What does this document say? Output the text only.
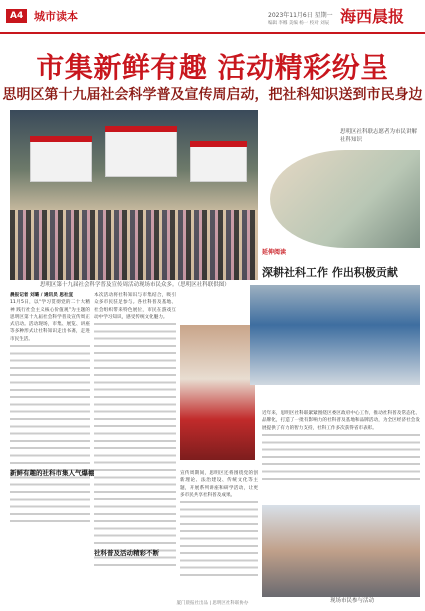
A4 城市读本	2023年11月6日 星期一
编辑 李娜 美编 杨一 校对 刘辰 海西晨报
市集新鲜有趣 活动精彩纷呈
思明区第十九届社会科学普及宣传周启动，把社科知识送到市民身边
思明区第十九届社会科学普及宣传周活动现场市民众多。（思明区社科联供图）
思明区社科联志愿者为市民讲解社科知识
延伸阅读
深耕社科工作 作出积极贡献
晨报记者 刘璐 / 通讯员 思社宣
11月5日，以“学习贯彻党的二十大精神 践行社会主义核心价值观”为主题的思明区第十九届社会科学普及宣传周正式启动。活动现场，市集、展览、讲座等多种形式让社科知识走出书斋，走进市民生活。
新鲜有趣的社科市集人气爆棚
本次活动将社科知识与市集结合，吸引众多市民驻足参与。各社科普及基地、社会组织带来特色展位，市民在游戏互动中学习知识，感受传统文化魅力。
社科普及活动精彩不断
宣传周期间，思明区还将围绕党的创新理论、法治建设、传统文化等主题，开展系列讲座和研学活动，让更多市民共享社科普及成果。
近年来，思明区社科联紧紧围绕区委区政府中心工作，推动社科普及常态化、品牌化，打造了一批有影响力的社科普及基地和品牌活动，为全区经济社会发展提供了有力的智力支持，社科工作多次获得省市表彰。
现场市民参与活动
厦门晨报社出品 | 思明区社科联协办
